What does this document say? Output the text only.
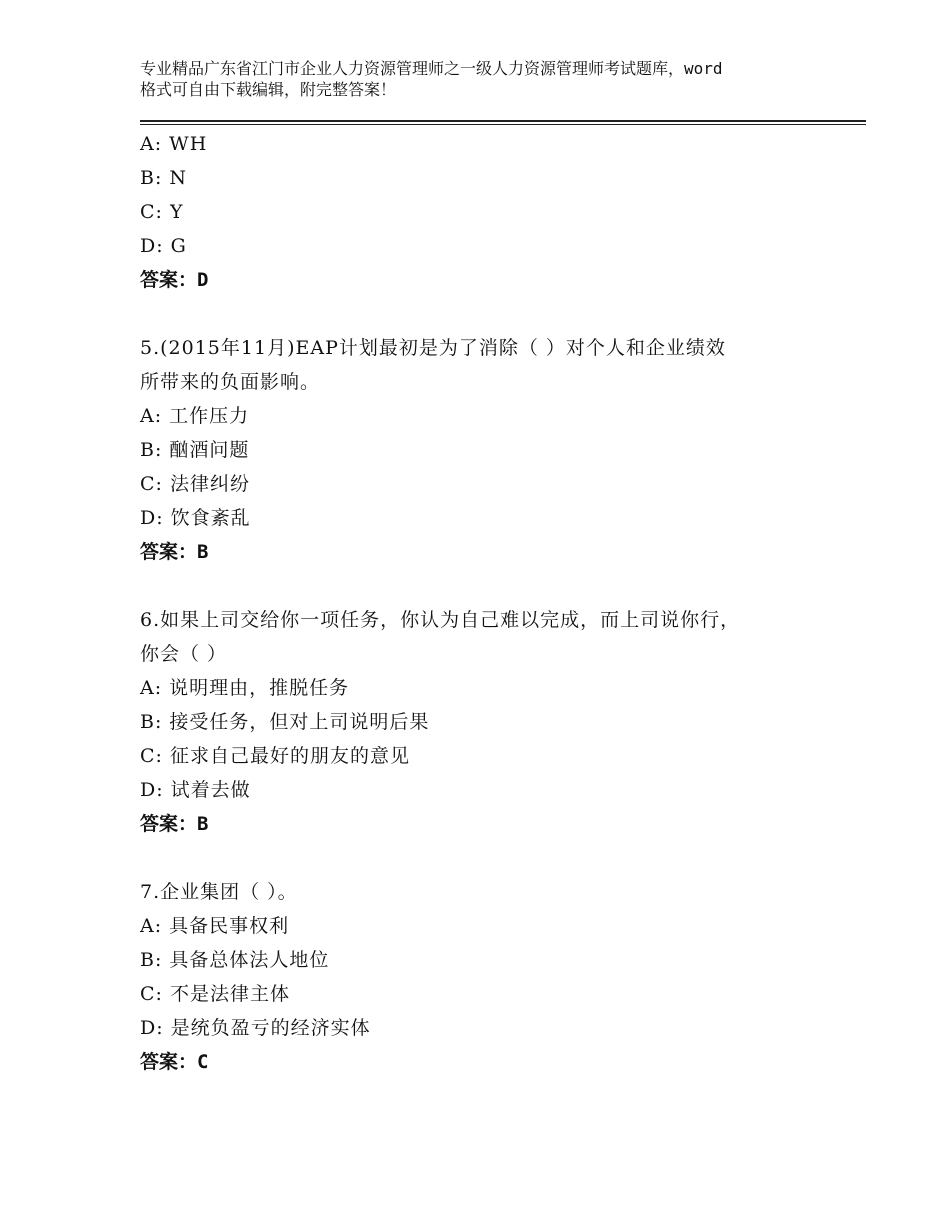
专业精品广东省江门市企业人力资源管理师之一级人力资源管理师考试题库，word
格式可自由下载编辑，附完整答案！
A: WH
B: N
C: Y
D: G
答案：D
5.(2015年11月)EAP计划最初是为了消除（ ）对个人和企业绩效
所带来的负面影响。
A: 工作压力
B: 酗酒问题
C: 法律纠纷
D: 饮食紊乱
答案：B
6.如果上司交给你一项任务，你认为自己难以完成，而上司说你行，
你会（ ）
A: 说明理由，推脱任务
B: 接受任务，但对上司说明后果
C: 征求自己最好的朋友的意见
D: 试着去做
答案：B
7.企业集团（ ）。
A: 具备民事权利
B: 具备总体法人地位
C: 不是法律主体
D: 是统负盈亏的经济实体
答案：C
